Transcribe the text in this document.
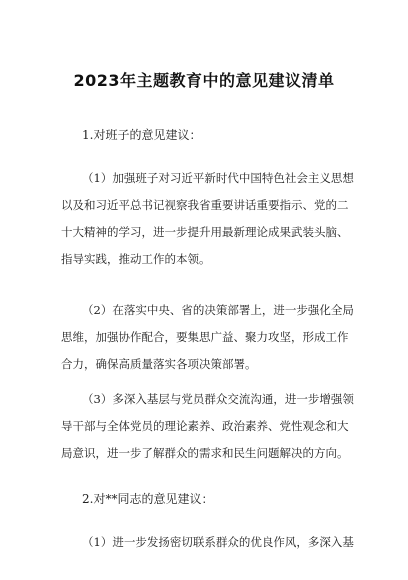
2023年主题教育中的意见建议清单
1.对班子的意见建议：
（1）加强班子对习近平新时代中国特色社会主义思想
以及和习近平总书记视察我省重要讲话重要指示、党的二
十大精神的学习，进一步提升用最新理论成果武装头脑、
指导实践，推动工作的本领。
（2）在落实中央、省的决策部署上，进一步强化全局
思维，加强协作配合，要集思广益、聚力攻坚，形成工作
合力，确保高质量落实各项决策部署。
（3）多深入基层与党员群众交流沟通，进一步增强领
导干部与全体党员的理论素养、政治素养、党性观念和大
局意识，进一步了解群众的需求和民生问题解决的方向。
2.对**同志的意见建议：
（1）进一步发扬密切联系群众的优良作风，多深入基
